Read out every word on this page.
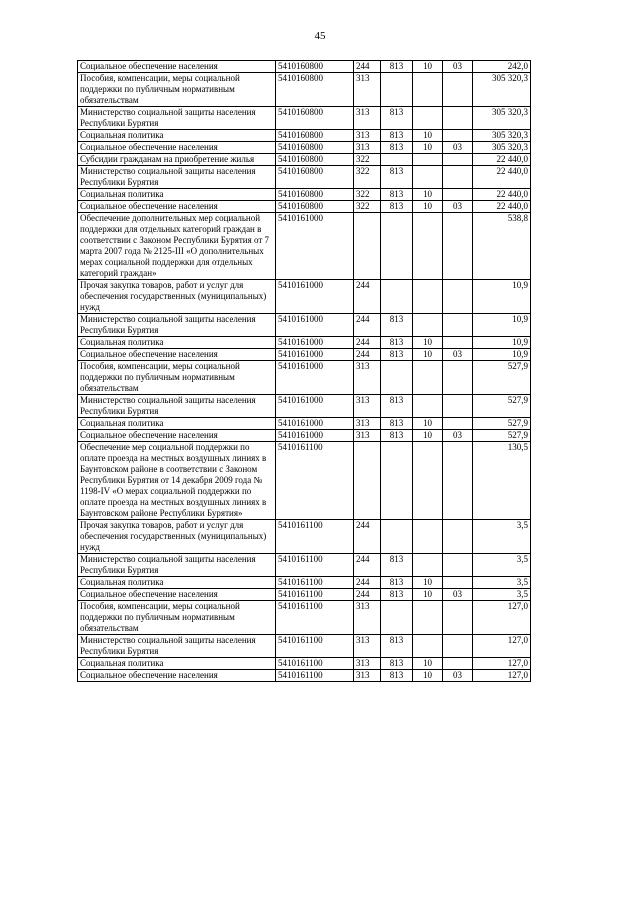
45
Социальное обеспечение населения	5410160800	244	813	10	03	242,0
Пособия, компенсации, меры социальной поддержки по публичным нормативным обязательствам	5410160800	313				305 320,3
Министерство социальной защиты населения Республики Бурятия	5410160800	313	813			305 320,3
Социальная политика	5410160800	313	813	10		305 320,3
Социальное обеспечение населения	5410160800	313	813	10	03	305 320,3
Субсидии гражданам на приобретение жилья	5410160800	322				22 440,0
Министерство социальной защиты населения Республики Бурятия	5410160800	322	813			22 440,0
Социальная политика	5410160800	322	813	10		22 440,0
Социальное обеспечение населения	5410160800	322	813	10	03	22 440,0
Обеспечение дополнительных мер социальной поддержки для отдельных категорий граждан в соответствии с Законом Республики Бурятия от 7 марта 2007 года № 2125-III «О дополнительных мерах социальной поддержки для отдельных категорий граждан»	5410161000					538,8
Прочая закупка товаров, работ и услуг для обеспечения государственных (муниципальных) нужд	5410161000	244				10,9
Министерство социальной защиты населения Республики Бурятия	5410161000	244	813			10,9
Социальная политика	5410161000	244	813	10		10,9
Социальное обеспечение населения	5410161000	244	813	10	03	10,9
Пособия, компенсации, меры социальной поддержки по публичным нормативным обязательствам	5410161000	313				527,9
Министерство социальной защиты населения Республики Бурятия	5410161000	313	813			527,9
Социальная политика	5410161000	313	813	10		527,9
Социальное обеспечение населения	5410161000	313	813	10	03	527,9
Обеспечение мер социальной поддержки по оплате проезда на местных воздушных линиях в Баунтовском районе в соответствии с Законом Республики Бурятия от 14 декабря 2009 года № 1198-IV «О мерах социальной поддержки по оплате проезда на местных воздушных линиях в Баунтовском районе Республики Бурятия»	5410161100					130,5
Прочая закупка товаров, работ и услуг для обеспечения государственных (муниципальных) нужд	5410161100	244				3,5
Министерство социальной защиты населения Республики Бурятия	5410161100	244	813			3,5
Социальная политика	5410161100	244	813	10		3,5
Социальное обеспечение населения	5410161100	244	813	10	03	3,5
Пособия, компенсации, меры социальной поддержки по публичным нормативным обязательствам	5410161100	313				127,0
Министерство социальной защиты населения Республики Бурятия	5410161100	313	813			127,0
Социальная политика	5410161100	313	813	10		127,0
Социальное обеспечение населения	5410161100	313	813	10	03	127,0
